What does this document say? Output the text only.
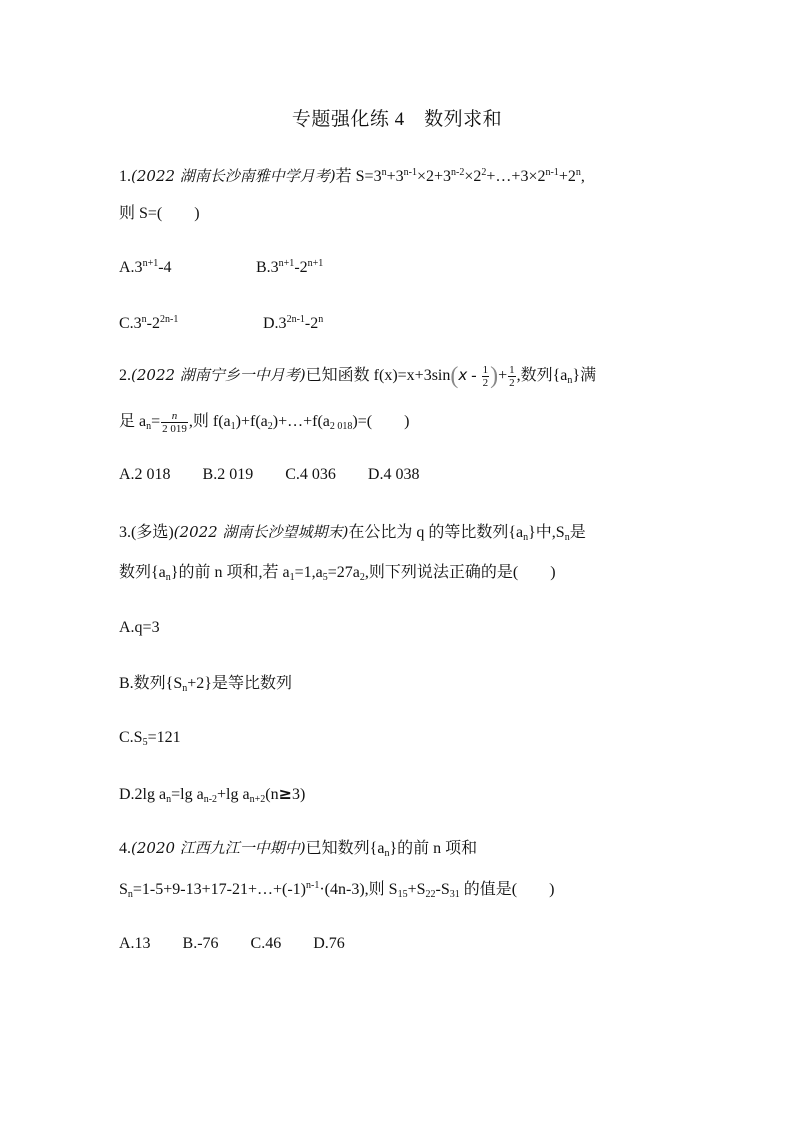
专题强化练 4　数列求和
1.(2022 湖南长沙南雅中学月考)若 $S=3^n+3^{n-1}\times 2+3^{n-2}\times 2^2+\dots+3\times 2^{n-1}+2^n$,
则 S=( )
$A.3^{n+1}-4$	$B.3^{n+1}-2^{n+1}$
$C.3^n-2^{2n-1}$	$D.3^{2n-1}-2^n$
2.(2022 湖南宁乡一中月考)已知函数 $f(x)=x+3\sin(x - \frac{1}{2}$ )+ $\frac{1}{2}$ ,数列$\{a_n\}$满
足 $a_n= \frac{n}{2 019}$ ,则 $f(a_1)+f(a_2)+\dots+f(a_{2 018})=$( )
A.2 018　　B.2 019　　C.4 036　　D.4 038
3.(多选)(2022 湖南长沙望城期末)在公比为 q 的等比数列$\{a_n\}$中$,S_n$是
数列$\{a_n\}$的前 n 项和,若 $a_1=1,a_5=27a_2$,则下列说法正确的是( )
A.q=3
B.数列$\{S_n+2\}$是等比数列
$C.S_5=121$
D.2lg $a_n=\lg$ $a_{n-2}+\lg$ $a_{n+2}(n\ge 3)$
4.(2020 江西九江一中期中)已知数列$\{a_n\}$的前 n 项和
$S_n=1-5+9-13+17-21+\dots+(-1)^{n-1}\cdot(4n-3)$,则 $S_{15}+S_{22}-S_{31}$ 的值是( )
A.13　　B.-76　　C.46　　D.76
